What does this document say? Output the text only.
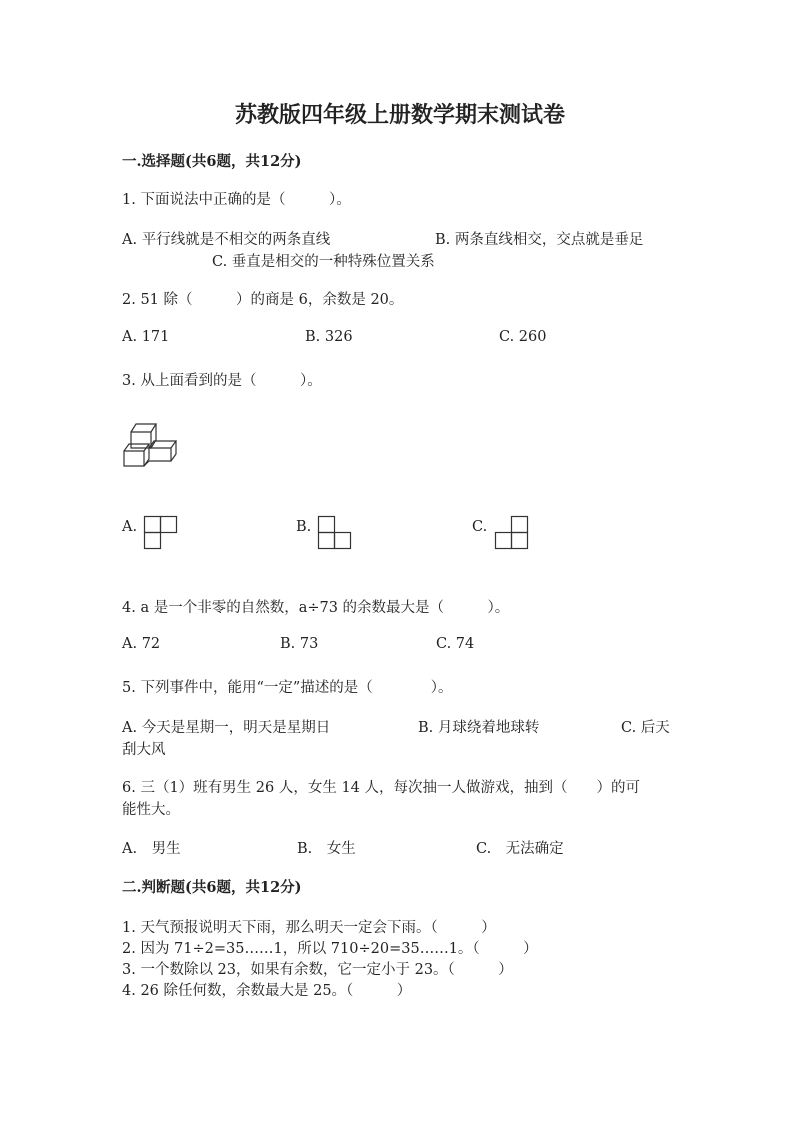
苏教版四年级上册数学期末测试卷
一.选择题(共6题，共12分)
1. 下面说法中正确的是（　　　）。
A. 平行线就是不相交的两条直线	B. 两条直线相交，交点就是垂足
C. 垂直是相交的一种特殊位置关系
2. 51 除（　　　）的商是 6，余数是 20。
A. 171	B. 326	C. 260
3. 从上面看到的是（　　　）。
A.	B.	C.
4. a 是一个非零的自然数，a÷73 的余数最大是（　　　）。
A. 72	B. 73	C. 74
5. 下列事件中，能用“一定”描述的是（　　　　）。
A. 今天是星期一，明天是星期日	B. 月球绕着地球转	C. 后天
刮大风
6. 三（1）班有男生 26 人，女生 14 人，每次抽一人做游戏，抽到（　　）的可
能性大。
A.　男生	B.　女生	C.　无法确定
二.判断题(共6题，共12分)
1. 天气预报说明天下雨，那么明天一定会下雨。（　　　）
2. 因为 71÷2=35……1，所以 710÷20=35……1。（　　　）
3. 一个数除以 23，如果有余数，它一定小于 23。（　　　）
4. 26 除任何数，余数最大是 25。（　　　）
